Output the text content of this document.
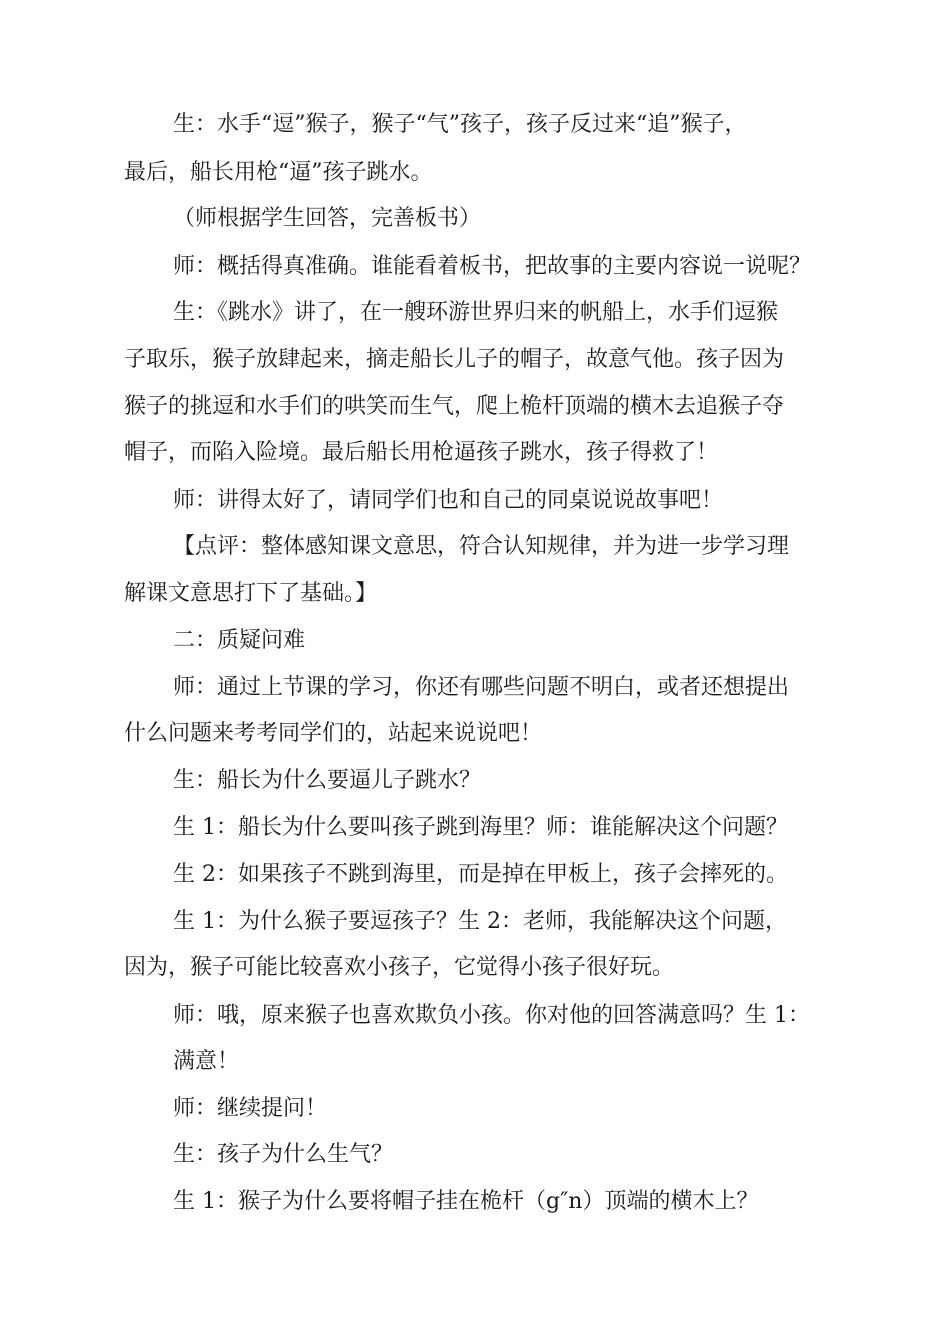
生：水手“逗”猴子，猴子“气”孩子，孩子反过来“追”猴子，
最后，船长用枪“逼”孩子跳水。
（师根据学生回答，完善板书）
师：概括得真准确。谁能看着板书，把故事的主要内容说一说呢？
生：《跳水》讲了，在一艘环游世界归来的帆船上，水手们逗猴
子取乐，猴子放肆起来，摘走船长儿子的帽子，故意气他。孩子因为
猴子的挑逗和水手们的哄笑而生气，爬上桅杆顶端的横木去追猴子夺
帽子，而陷入险境。最后船长用枪逼孩子跳水，孩子得救了！
师：讲得太好了，请同学们也和自己的同桌说说故事吧！
【点评：整体感知课文意思，符合认知规律，并为进一步学习理
解课文意思打下了基础。】
二：质疑问难
师：通过上节课的学习，你还有哪些问题不明白，或者还想提出
什么问题来考考同学们的，站起来说说吧！
生：船长为什么要逼儿子跳水？
生 1：船长为什么要叫孩子跳到海里？师：谁能解决这个问题？
生 2：如果孩子不跳到海里，而是掉在甲板上，孩子会摔死的。
生 1：为什么猴子要逗孩子？生 2：老师，我能解决这个问题，
因为，猴子可能比较喜欢小孩子，它觉得小孩子很好玩。
师：哦，原来猴子也喜欢欺负小孩。你对他的回答满意吗？生 1：
满意！
师：继续提问！
生：孩子为什么生气？
生 1：猴子为什么要将帽子挂在桅杆（g″n）顶端的横木上？
